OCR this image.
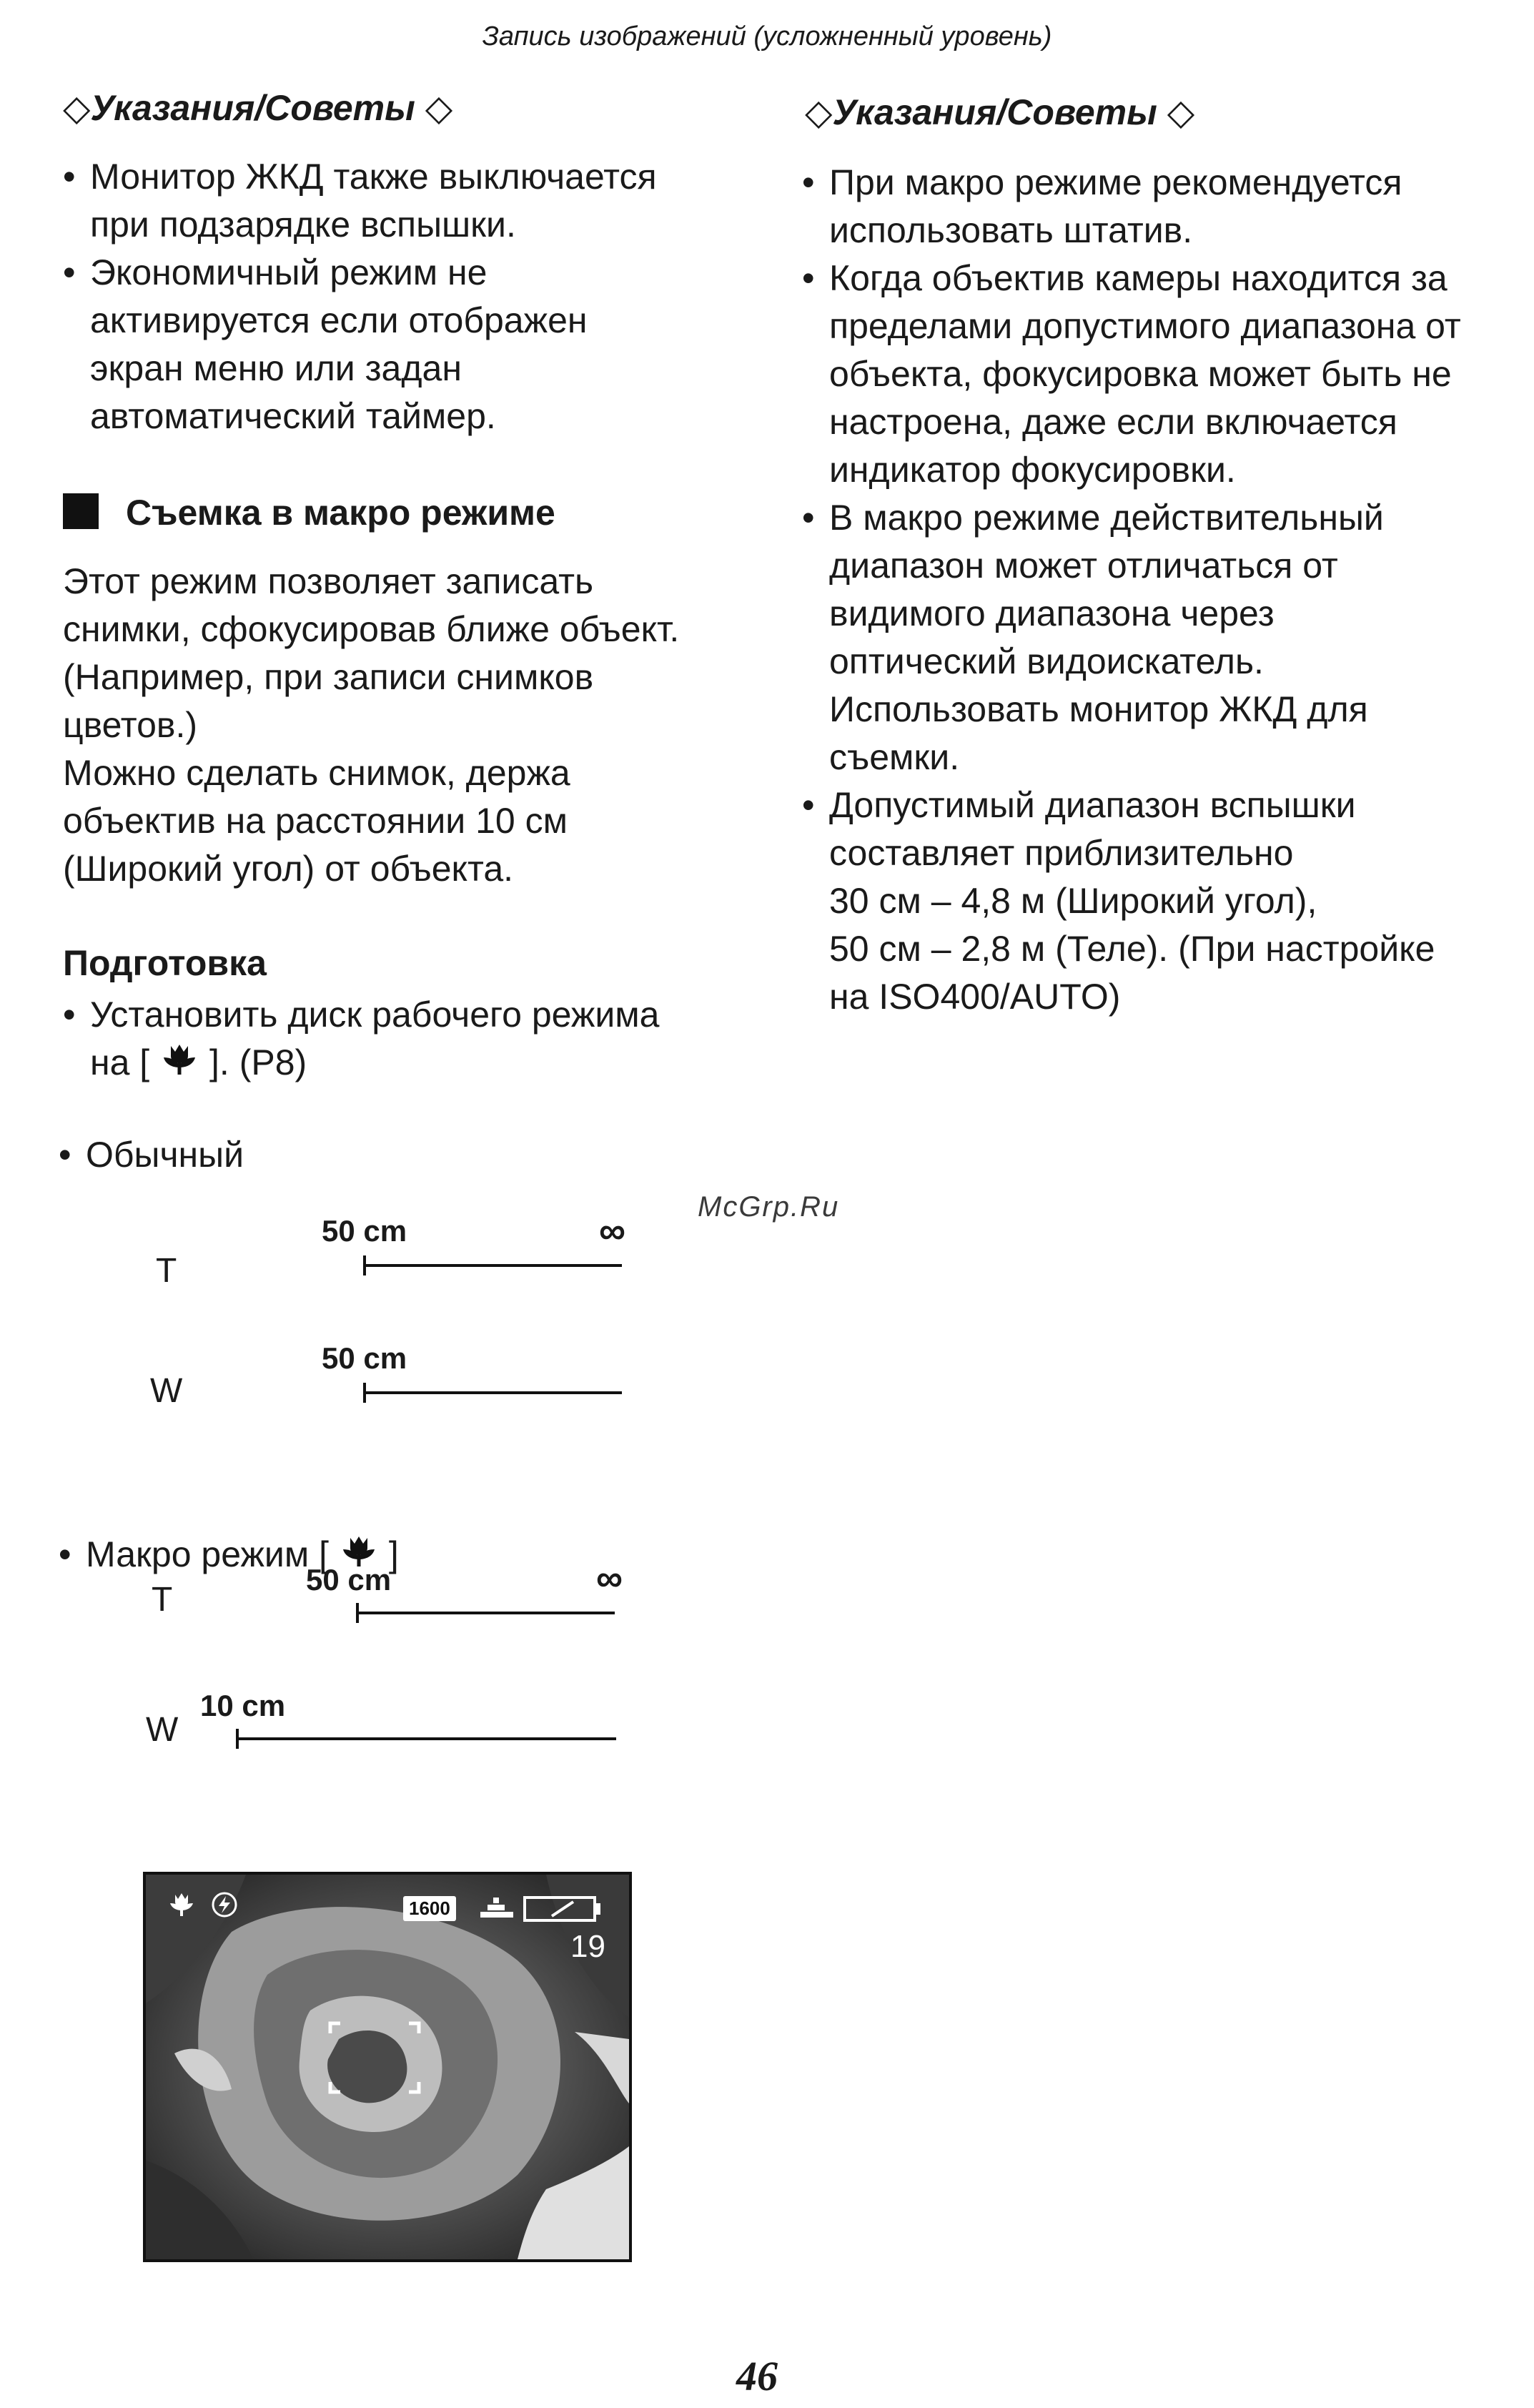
Запись изображений (усложненный уровень)
◇Указания/Советы ◇
• Монитор ЖКД также выключается
при подзарядке вспышки.
• Экономичный режим не
активируется если отображен
экран меню или задан
автоматический таймер.
Съемка в макро режиме
Этот режим позволяет записать
снимки, сфокусировав ближе объект.
(Например, при записи снимков
цветов.)
Можно сделать снимок, держа
объектив на расстоянии 10 см
(Широкий угол) от объекта.
Подготовка
• Установить диск рабочего режима
на [ ]. (P8)
• Обычный
T
50 cm	∞
W
50 cm
• Макро режим [ ]
T
50 cm	∞
W
10 cm
1600
19
◇Указания/Советы ◇
• При макро режиме рекомендуется
использовать штатив.
• Когда объектив камеры находится за
пределами допустимого диапазона от
объекта, фокусировка может быть не
настроена, даже если включается
индикатор фокусировки.
• В макро режиме действительный
диапазон может отличаться от
видимого диапазона через
оптический видоискатель.
Использовать монитор ЖКД для
съемки.
• Допустимый диапазон вспышки
составляет приблизительно
30 см – 4,8 м (Широкий угол),
50 см – 2,8 м (Теле). (При настройке
на ISO400/AUTO)
McGrp.Ru
46
